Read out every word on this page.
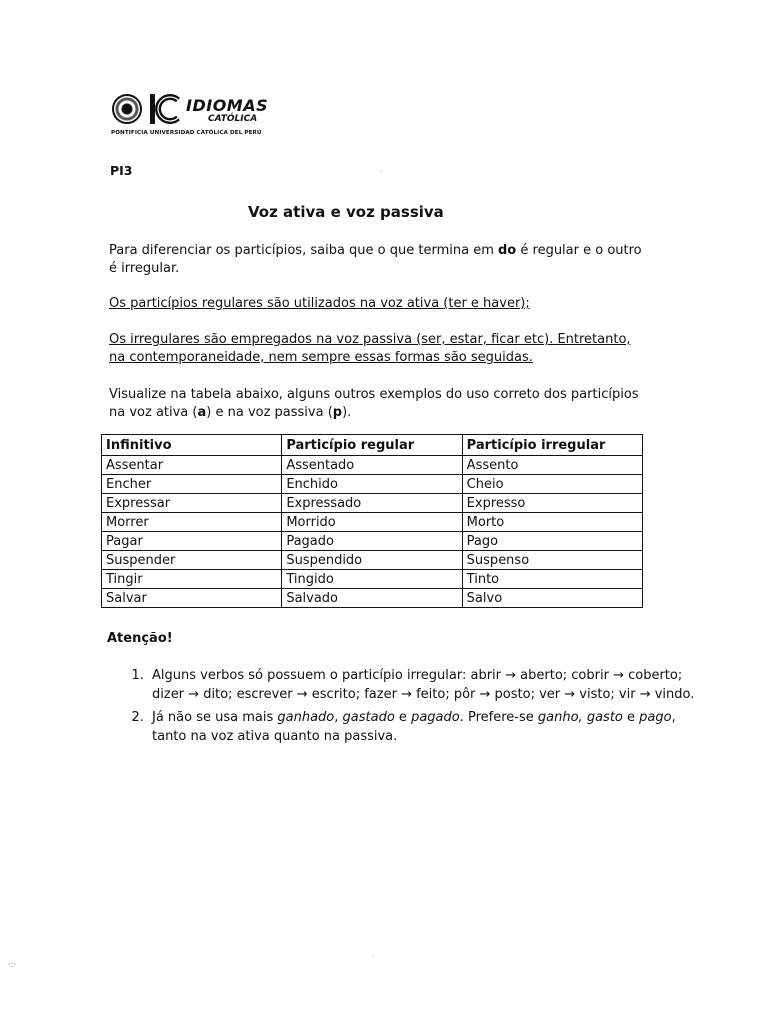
IDIOMAS
CATÓLICA
PONTIFICIA UNIVERSIDAD CATÓLICA DEL PERÚ
PI3	˙
Voz ativa e voz passiva
Para diferenciar os particípios, saiba que o que termina em do é regular e o outro é irregular.
Os particípios regulares são utilizados na voz ativa (ter e haver);
Os irregulares são empregados na voz passiva (ser, estar, ficar etc). Entretanto, na contemporaneidade, nem sempre essas formas são seguidas.
Visualize na tabela abaixo, alguns outros exemplos do uso correto dos particípios na voz ativa (a) e na voz passiva (p).
Infinitivo	Particípio regular	Particípio irregular
Assentar	Assentado	Assento
Encher	Enchido	Cheio
Expressar	Expressado	Expresso
Morrer	Morrido	Morto
Pagar	Pagado	Pago
Suspender	Suspendido	Suspenso
Tingir	Tingido	Tinto
Salvar	Salvado	Salvo
Atenção!
1. Alguns verbos só possuem o particípio irregular: abrir → aberto; cobrir → coberto; dizer → dito; escrever → escrito; fazer → feito; pôr → posto; ver → visto; vir → vindo.
2. Já não se usa mais ganhado, gastado e pagado. Prefere-se ganho, gasto e pago, tanto na voz ativa quanto na passiva.
˙
·:·
